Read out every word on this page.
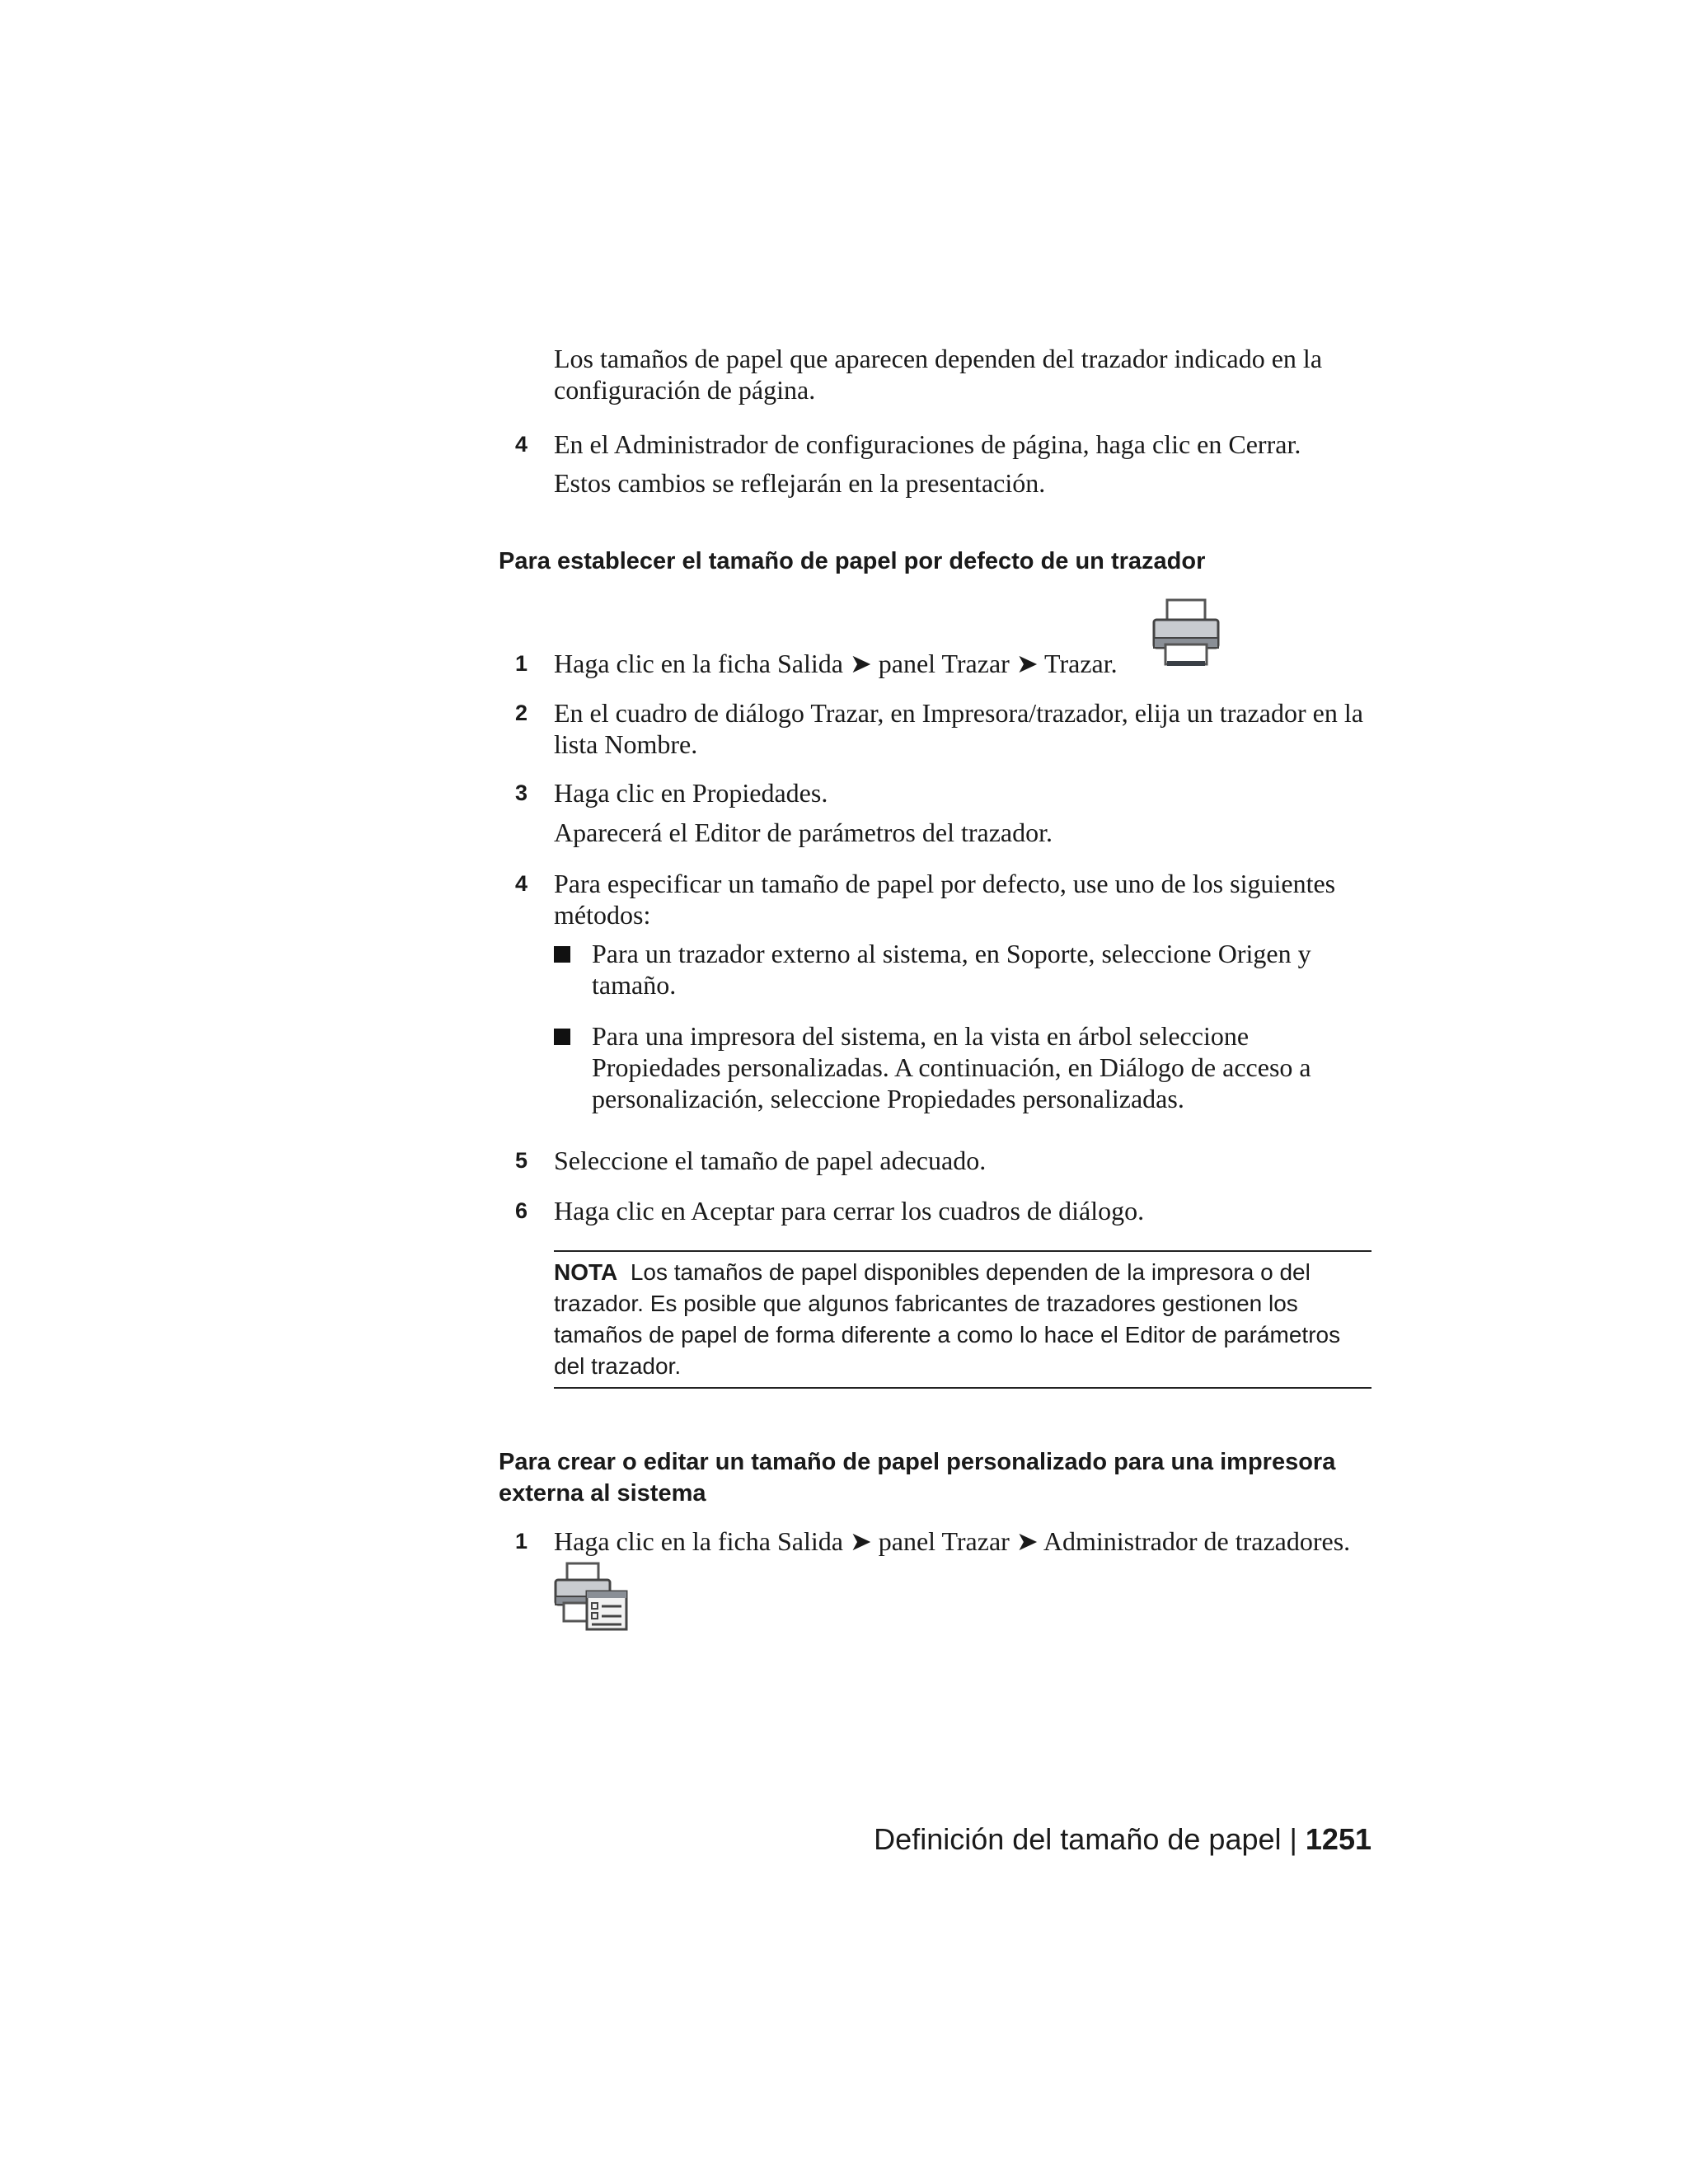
Los tamaños de papel que aparecen dependen del trazador indicado en la configuración de página.
4 En el Administrador de configuraciones de página, haga clic en Cerrar.
Estos cambios se reflejarán en la presentación.
Para establecer el tamaño de papel por defecto de un trazador
1 Haga clic en la ficha Salida ➤ panel Trazar ➤ Trazar.
2 En el cuadro de diálogo Trazar, en Impresora/trazador, elija un trazador en la lista Nombre.
3 Haga clic en Propiedades.
Aparecerá el Editor de parámetros del trazador.
4 Para especificar un tamaño de papel por defecto, use uno de los siguientes métodos:
Para un trazador externo al sistema, en Soporte, seleccione Origen y tamaño.
Para una impresora del sistema, en la vista en árbol seleccione Propiedades personalizadas. A continuación, en Diálogo de acceso a personalización, seleccione Propiedades personalizadas.
5 Seleccione el tamaño de papel adecuado.
6 Haga clic en Aceptar para cerrar los cuadros de diálogo.
NOTA Los tamaños de papel disponibles dependen de la impresora o del trazador. Es posible que algunos fabricantes de trazadores gestionen los tamaños de papel de forma diferente a como lo hace el Editor de parámetros del trazador.
Para crear o editar un tamaño de papel personalizado para una impresora externa al sistema
1 Haga clic en la ficha Salida ➤ panel Trazar ➤ Administrador de trazadores.
Definición del tamaño de papel | 1251
